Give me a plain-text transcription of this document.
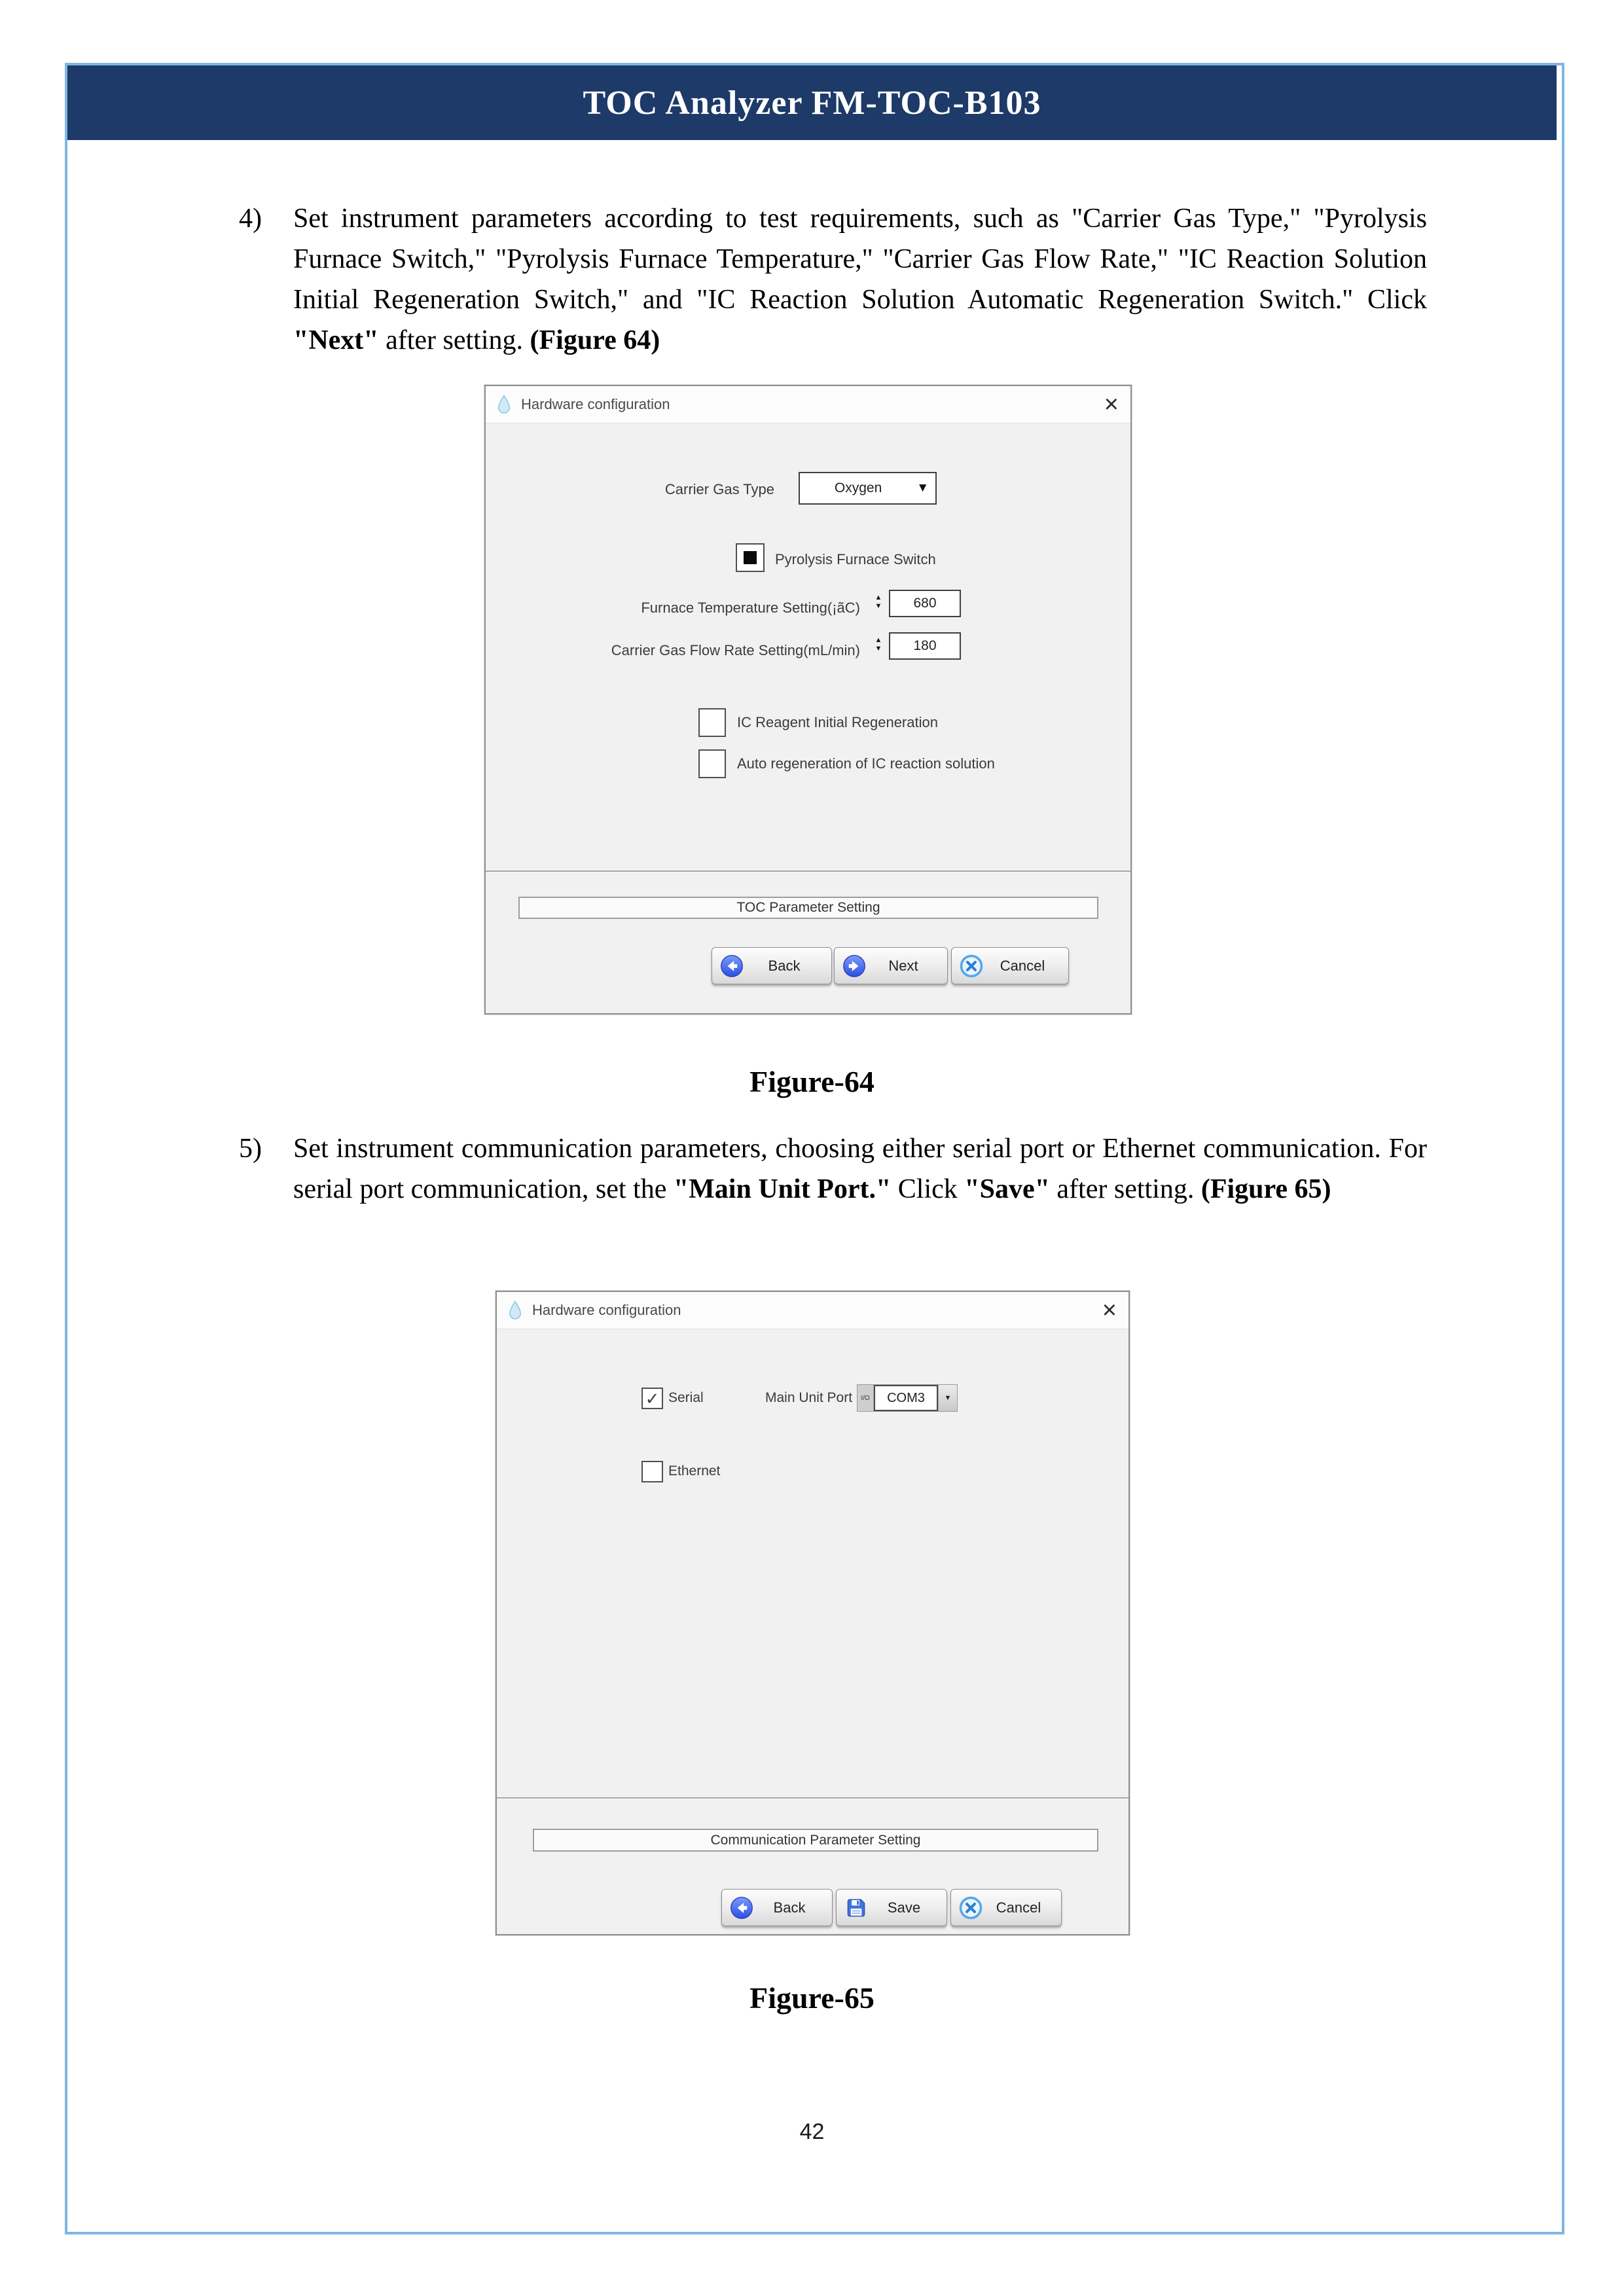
TOC Analyzer FM-TOC-B103
4) Set instrument parameters according to test requirements, such as "Carrier Gas Type," "Pyrolysis Furnace Switch," "Pyrolysis Furnace Temperature," "Carrier Gas Flow Rate," "IC Reaction Solution Initial Regeneration Switch," and "IC Reaction Solution Automatic Regeneration Switch." Click "Next" after setting. (Figure 64)
Hardware configuration	×
Carrier Gas Type	Oxygen	▼
Pyrolysis Furnace Switch
Furnace Temperature Setting(¡ãC)
▲
▼	680
Carrier Gas Flow Rate Setting(mL/min)
▲
▼	180
IC Reagent Initial Regeneration
Auto regeneration of IC reaction solution
TOC Parameter Setting
Back	Next	Cancel
Figure-64
5) Set instrument communication parameters, choosing either serial port or Ethernet communication. For serial port communication, set the "Main Unit Port." Click "Save" after setting. (Figure 65)
Hardware configuration	×
✓ Serial	Main Unit Port	I/O	COM3	▼
Ethernet
Communication Parameter Setting
Back	Save	Cancel
Figure-65
42
